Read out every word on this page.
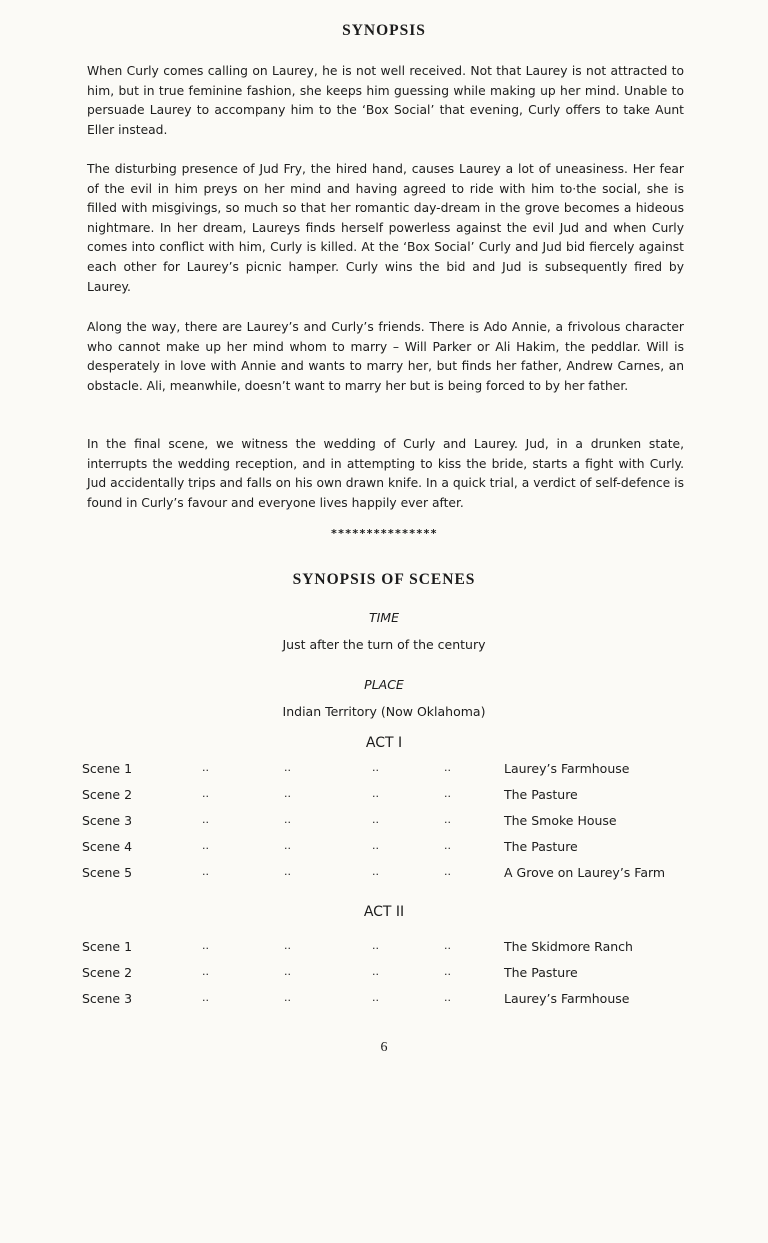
SYNOPSIS

When Curly comes calling on Laurey, he is not well received. Not that Laurey is not attracted to him, but in true feminine fashion, she keeps him guessing while making up her mind. Unable to persuade Laurey to accompany him to the ‘Box Social’ that evening, Curly offers to take Aunt Eller instead.

The disturbing presence of Jud Fry, the hired hand, causes Laurey a lot of uneasiness. Her fear of the evil in him preys on her mind and having agreed to ride with him to·the social, she is filled with misgivings, so much so that her romantic day-dream in the grove becomes a hideous nightmare. In her dream, Laureys finds herself powerless against the evil Jud and when Curly comes into conflict with him, Curly is killed. At the ‘Box Social’ Curly and Jud bid fiercely against each other for Laurey’s picnic hamper. Curly wins the bid and Jud is subsequently fired by Laurey.

Along the way, there are Laurey’s and Curly’s friends. There is Ado Annie, a frivolous character who cannot make up her mind whom to marry – Will Parker or Ali Hakim, the peddlar. Will is desperately in love with Annie and wants to marry her, but finds her father, Andrew Carnes, an obstacle. Ali, meanwhile, doesn’t want to marry her but is being forced to by her father.

In the final scene, we witness the wedding of Curly and Laurey. Jud, in a drunken state, interrupts the wedding reception, and in attempting to kiss the bride, starts a fight with Curly. Jud accidentally trips and falls on his own drawn knife. In a quick trial, a verdict of self-defence is found in Curly’s favour and everyone lives happily ever after.

***************
SYNOPSIS OF SCENES
TIME
Just after the turn of the century
PLACE
Indian Territory (Now Oklahoma)
ACT I
Scene 1	..	..	..	..	Laurey’s Farmhouse
Scene 2	..	..	..	..	The Pasture
Scene 3	..	..	..	..	The Smoke House
Scene 4	..	..	..	..	The Pasture
Scene 5	..	..	..	..	A Grove on Laurey’s Farm
ACT II
Scene 1	..	..	..	..	The Skidmore Ranch
Scene 2	..	..	..	..	The Pasture
Scene 3	..	..	..	..	Laurey’s Farmhouse
6
